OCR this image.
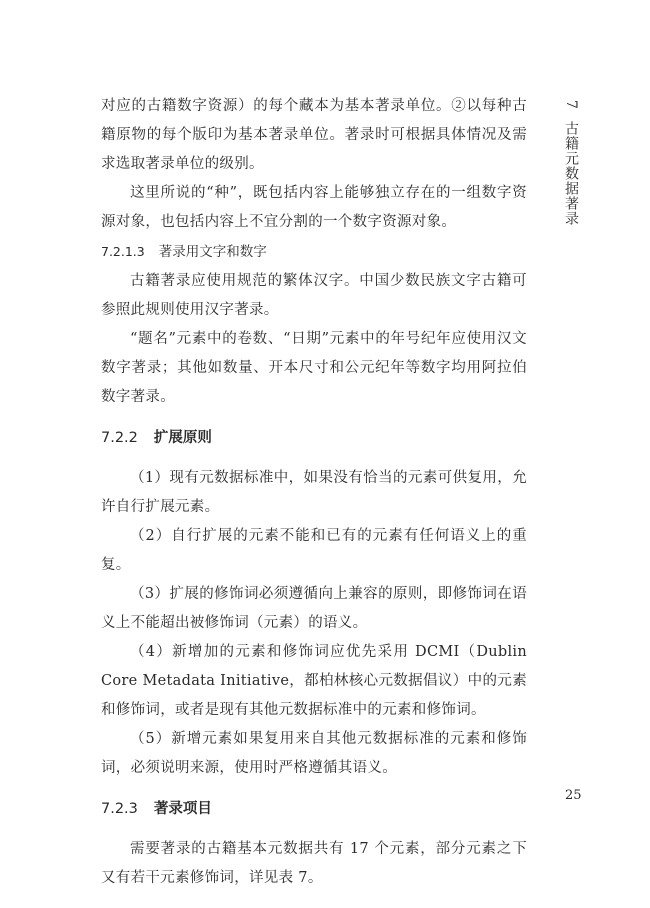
7 古籍元数据著录

对应的古籍数字资源）的每个藏本为基本著录单位。②以每种古籍原物的每个版印为基本著录单位。著录时可根据具体情况及需求选取著录单位的级别。

这里所说的“种”，既包括内容上能够独立存在的一组数字资源对象，也包括内容上不宜分割的一个数字资源对象。

7.2.1.3 著录用文字和数字

古籍著录应使用规范的繁体汉字。中国少数民族文字古籍可参照此规则使用汉字著录。

“题名”元素中的卷数、“日期”元素中的年号纪年应使用汉文数字著录；其他如数量、开本尺寸和公元纪年等数字均用阿拉伯数字著录。

7.2.2 扩展原则

（1）现有元数据标准中，如果没有恰当的元素可供复用，允许自行扩展元素。

（2）自行扩展的元素不能和已有的元素有任何语义上的重复。

（3）扩展的修饰词必须遵循向上兼容的原则，即修饰词在语义上不能超出被修饰词（元素）的语义。

（4）新增加的元素和修饰词应优先采用 DCMI（Dublin Core Metadata Initiative，都柏林核心元数据倡议）中的元素和修饰词，或者是现有其他元数据标准中的元素和修饰词。

（5）新增元素如果复用来自其他元数据标准的元素和修饰词，必须说明来源，使用时严格遵循其语义。

7.2.3 著录项目

需要著录的古籍基本元数据共有 17 个元素，部分元素之下又有若干元素修饰词，详见表 7。

25
